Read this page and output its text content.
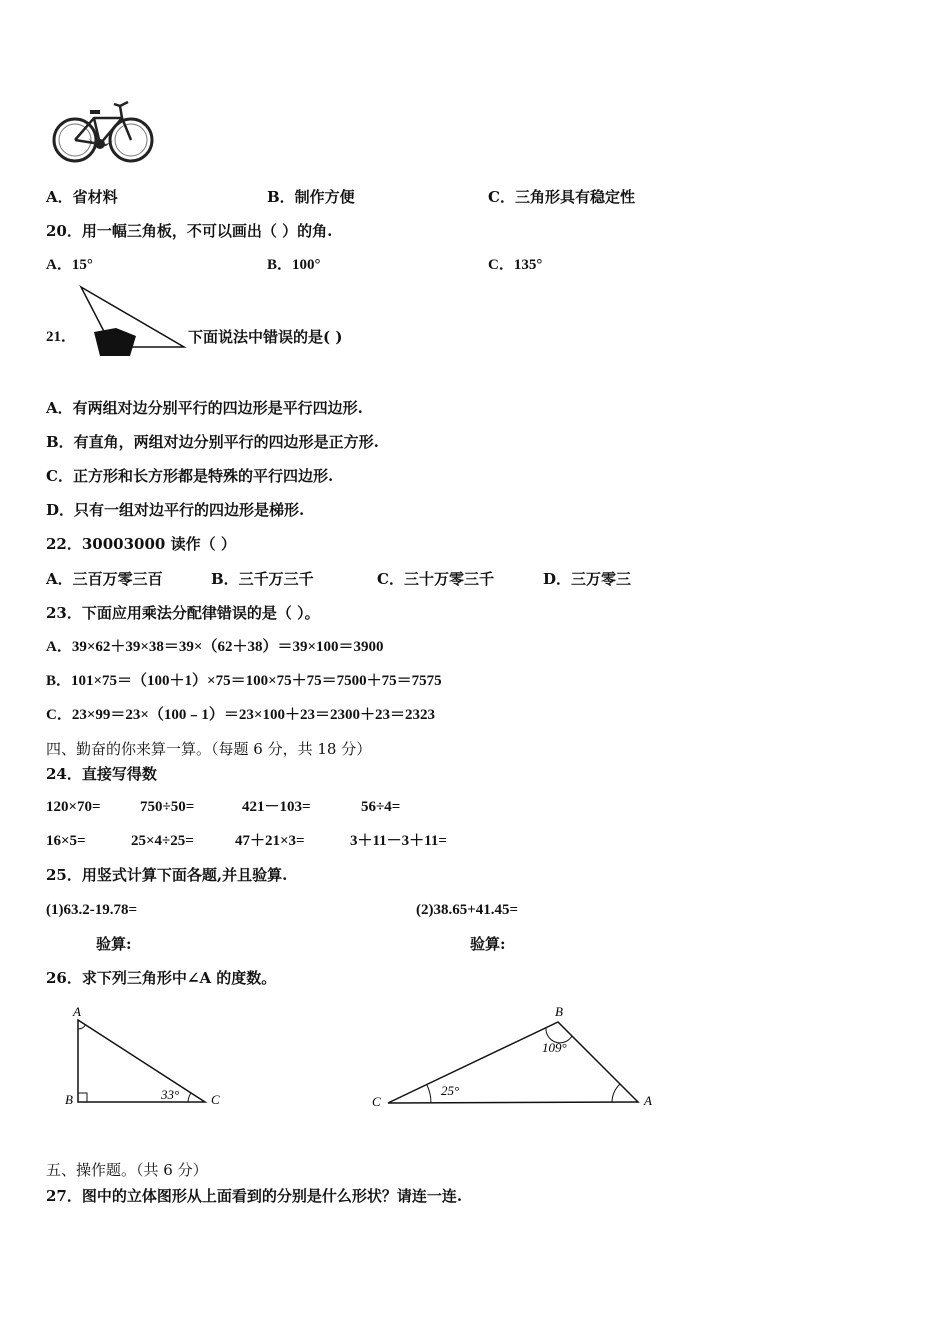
A．省材料	B．制作方便	C．三角形具有稳定性
20．用一幅三角板，不可以画出（ ）的角.
A．15°	B．100°	C．135°
21．	下面说法中错误的是( )
A．有两组对边分别平行的四边形是平行四边形.
B．有直角，两组对边分别平行的四边形是正方形.
C．正方形和长方形都是特殊的平行四边形.
D．只有一组对边平行的四边形是梯形.
22．30003000 读作（ ）
A．三百万零三百	B．三千万三千	C．三十万零三千	D．三万零三
23．下面应用乘法分配律错误的是（ ）。
A．39×62＋39×38＝39×（62＋38）＝39×100＝3900
B．101×75＝（100＋1）×75＝100×75＋75＝7500＋75＝7575
C．23×99＝23×（100﹣1）＝23×100＋23＝2300＋23＝2323
四、勤奋的你来算一算。（每题 6 分，共 18 分）
24．直接写得数
120×70=	750÷50=	421－103=	56÷4=
16×5=	25×4÷25=	47＋21×3=	3＋11－3＋11=
25．用竖式计算下面各题,并且验算.
(1)63.2-19.78=	(2)38.65+41.45=
验算:	验算:
26．求下列三角形中∠A 的度数。
A
B	C
33°
B
C	A
109°
25°
五、操作题。（共 6 分）
27．图中的立体图形从上面看到的分别是什么形状？请连一连.
